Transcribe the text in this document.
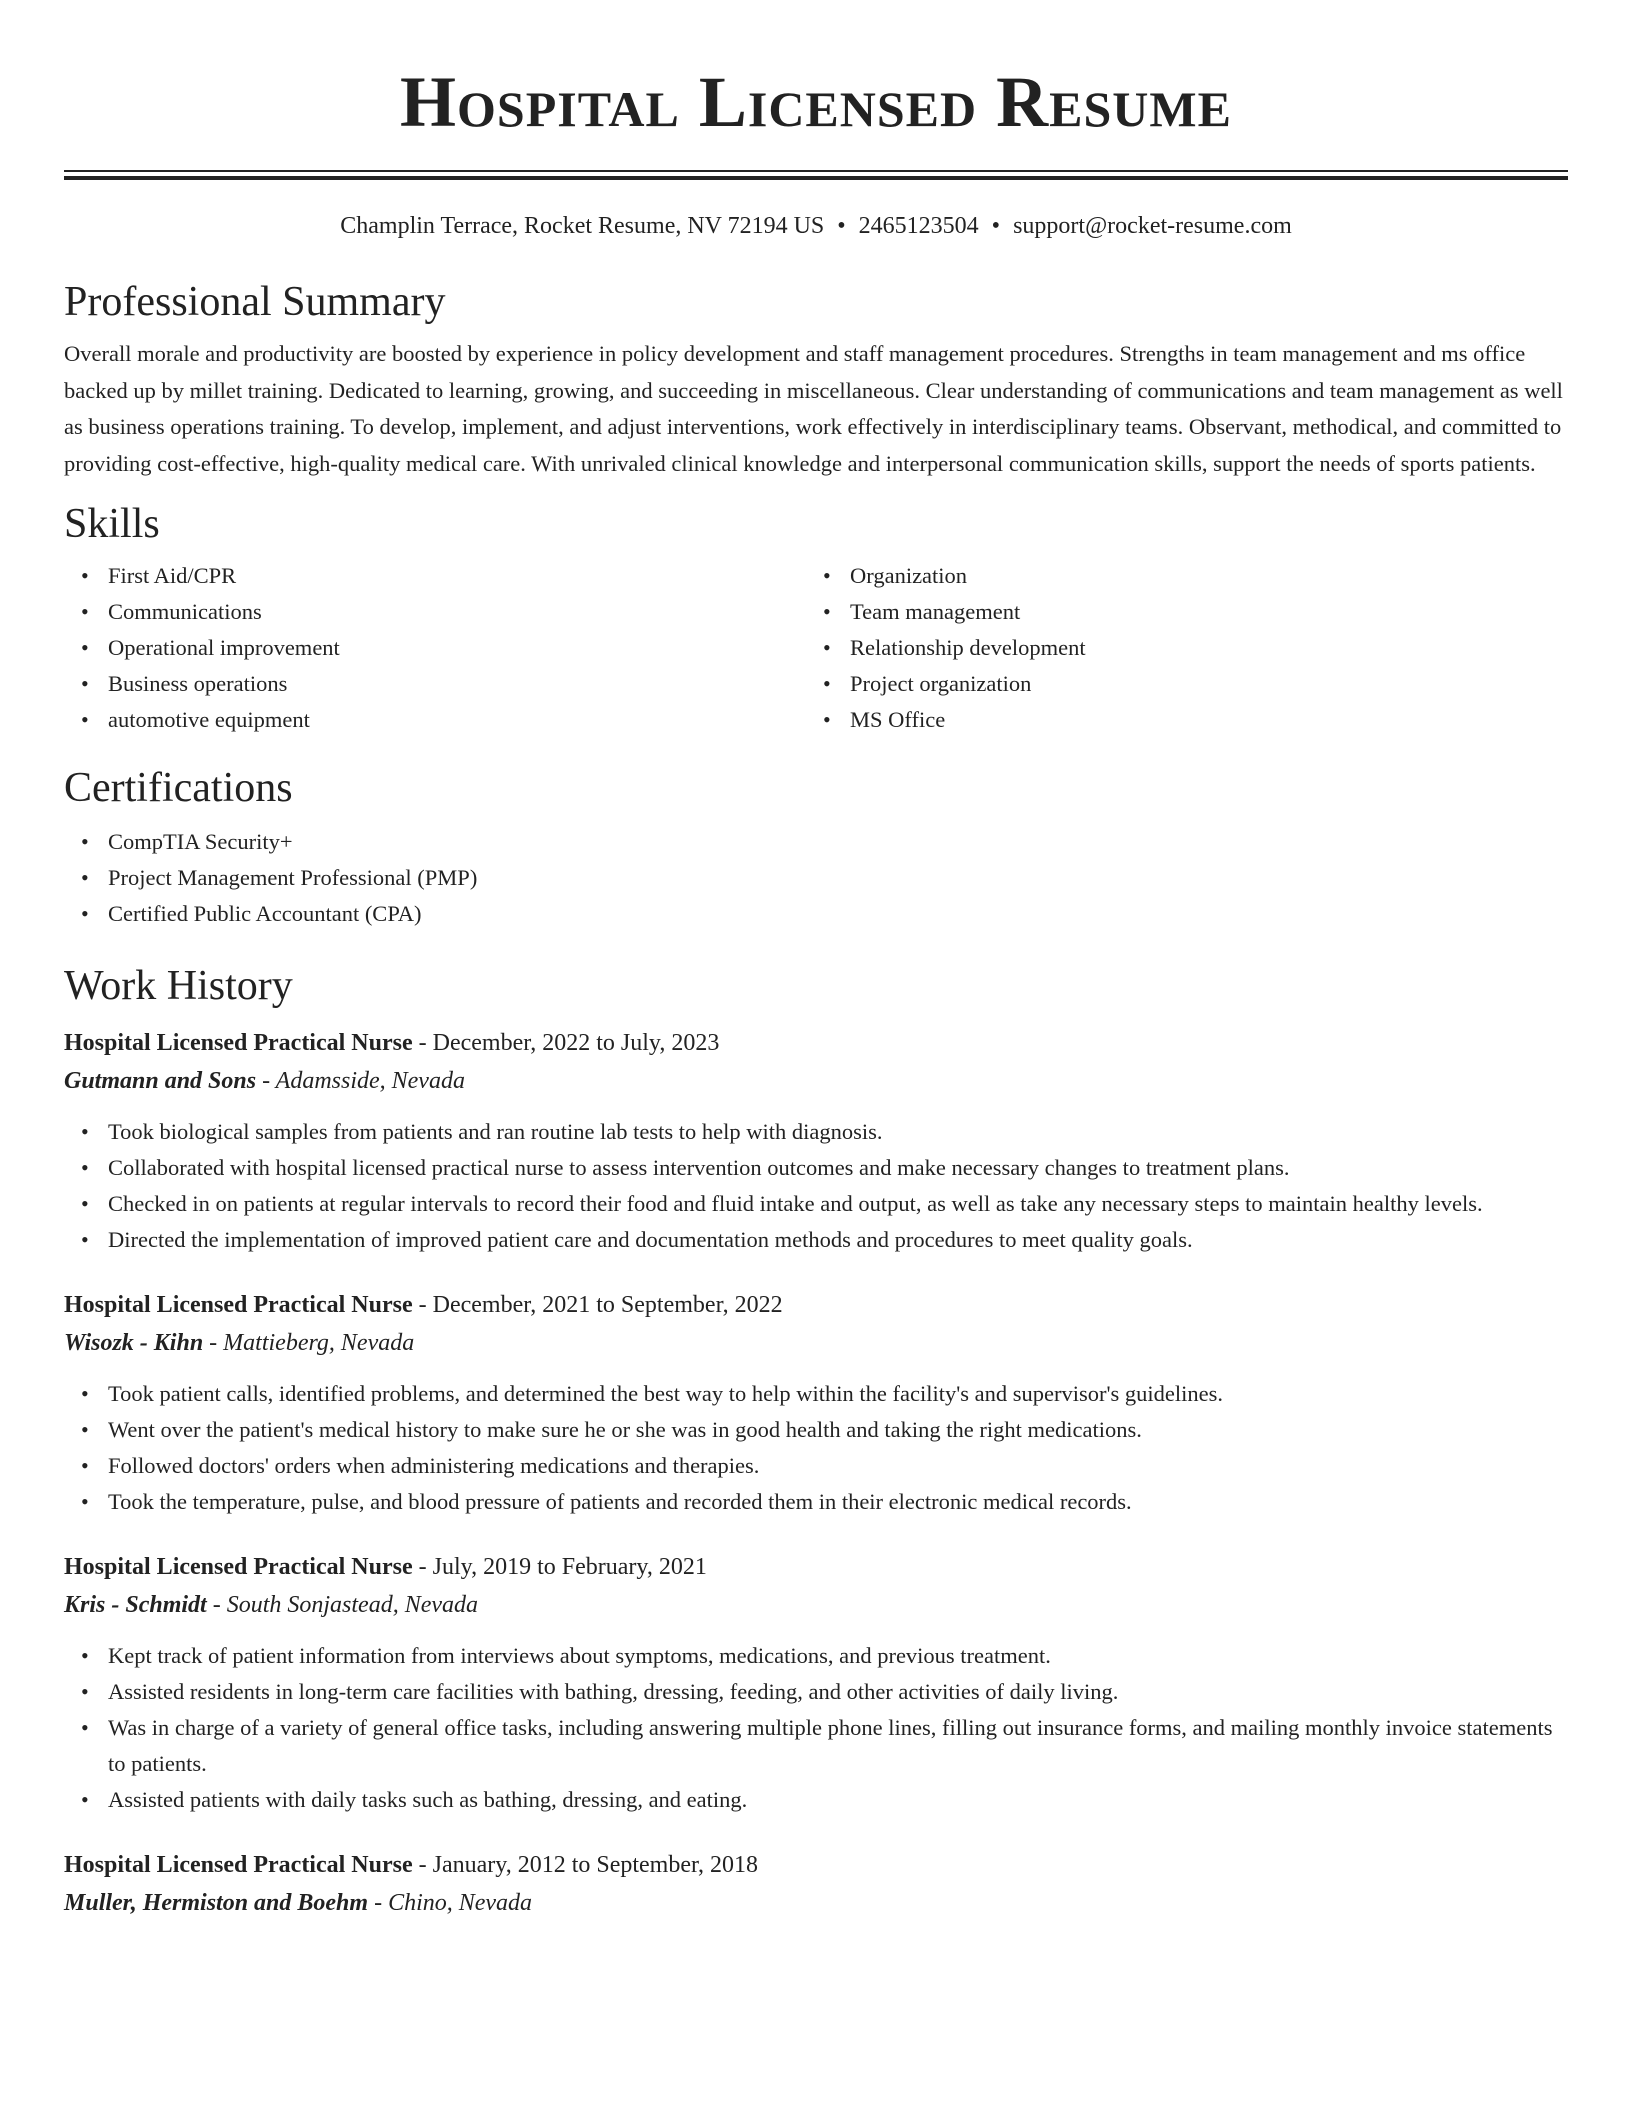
Hospital Licensed Resume
Champlin Terrace, Rocket Resume, NV 72194 US • 2465123504 • support@rocket-resume.com
Professional Summary

Overall morale and productivity are boosted by experience in policy development and staff management procedures. Strengths in team management and ms office backed up by millet training. Dedicated to learning, growing, and succeeding in miscellaneous. Clear understanding of communications and team management as well as business operations training. To develop, implement, and adjust interventions, work effectively in interdisciplinary teams. Observant, methodical, and committed to providing cost-effective, high-quality medical care. With unrivaled clinical knowledge and interpersonal communication skills, support the needs of sports patients.

Skills
• First Aid/CPR
• Communications
• Operational improvement
• Business operations
• automotive equipment
• Organization
• Team management
• Relationship development
• Project organization
• MS Office
Certifications
• CompTIA Security+
• Project Management Professional (PMP)
• Certified Public Accountant (CPA)
Work History
Hospital Licensed Practical Nurse - December, 2022 to July, 2023
Gutmann and Sons - Adamsside, Nevada
• Took biological samples from patients and ran routine lab tests to help with diagnosis.
• Collaborated with hospital licensed practical nurse to assess intervention outcomes and make necessary changes to treatment plans.
• Checked in on patients at regular intervals to record their food and fluid intake and output, as well as take any necessary steps to maintain healthy levels.
• Directed the implementation of improved patient care and documentation methods and procedures to meet quality goals.
Hospital Licensed Practical Nurse - December, 2021 to September, 2022
Wisozk - Kihn - Mattieberg, Nevada
• Took patient calls, identified problems, and determined the best way to help within the facility's and supervisor's guidelines.
• Went over the patient's medical history to make sure he or she was in good health and taking the right medications.
• Followed doctors' orders when administering medications and therapies.
• Took the temperature, pulse, and blood pressure of patients and recorded them in their electronic medical records.
Hospital Licensed Practical Nurse - July, 2019 to February, 2021
Kris - Schmidt - South Sonjastead, Nevada
• Kept track of patient information from interviews about symptoms, medications, and previous treatment.
• Assisted residents in long-term care facilities with bathing, dressing, feeding, and other activities of daily living.
• Was in charge of a variety of general office tasks, including answering multiple phone lines, filling out insurance forms, and mailing monthly invoice statements to patients.
• Assisted patients with daily tasks such as bathing, dressing, and eating.
Hospital Licensed Practical Nurse - January, 2012 to September, 2018
Muller, Hermiston and Boehm - Chino, Nevada
